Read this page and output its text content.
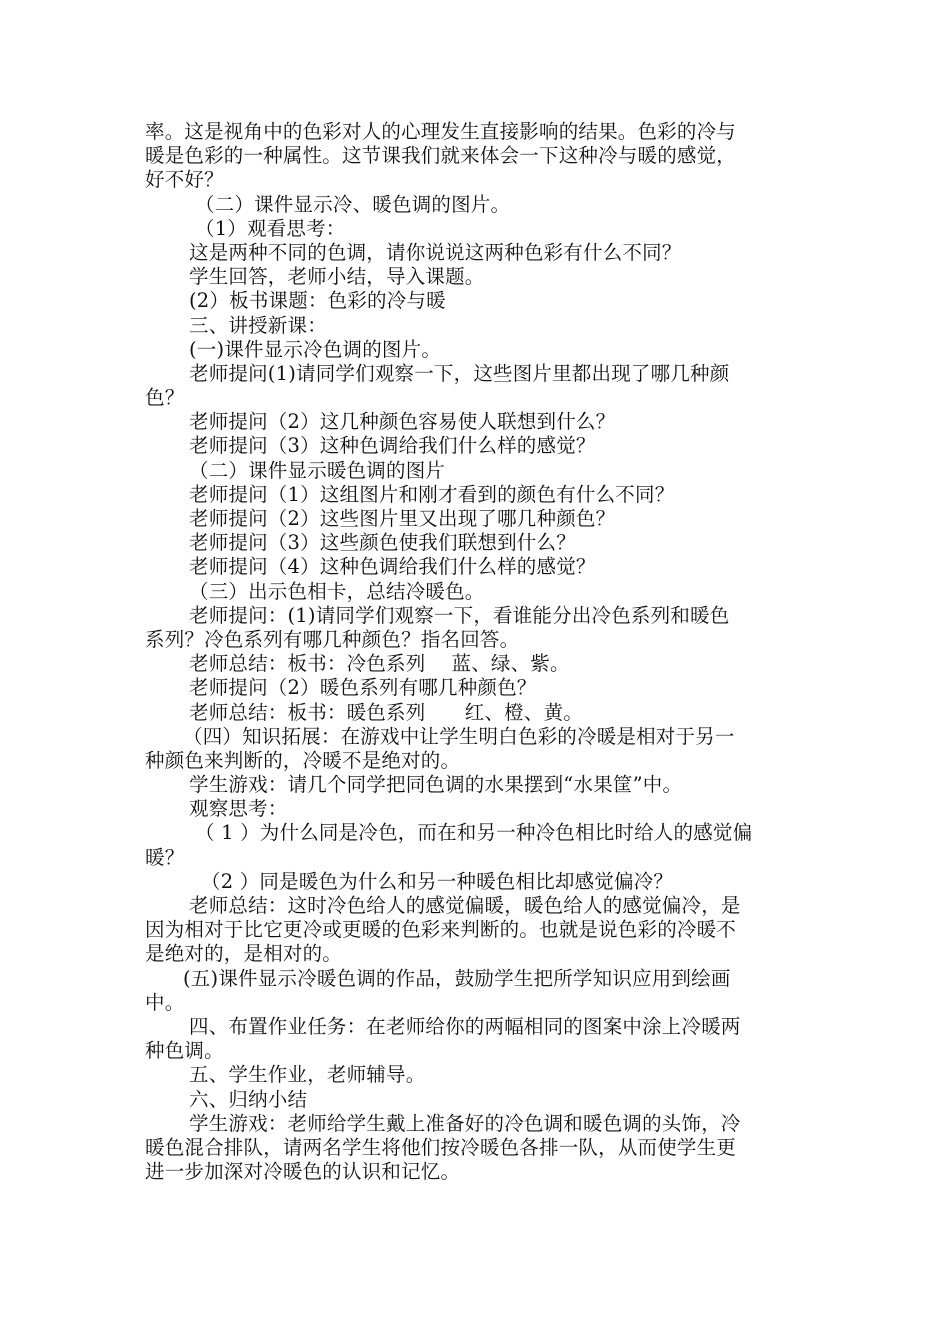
率。这是视角中的色彩对人的心理发生直接影响的结果。色彩的冷与
暖是色彩的一种属性。这节课我们就来体会一下这种冷与暖的感觉，
好不好？
（二）课件显示冷、暖色调的图片。
（1）观看思考：
这是两种不同的色调，请你说说这两种色彩有什么不同？
学生回答，老师小结，导入课题。
(2）板书课题：色彩的冷与暖
三、讲授新课：
(一)课件显示冷色调的图片。
老师提问(1)请同学们观察一下，这些图片里都出现了哪几种颜
色？
老师提问（2）这几种颜色容易使人联想到什么？
老师提问（3）这种色调给我们什么样的感觉？
（二）课件显示暖色调的图片
老师提问（1）这组图片和刚才看到的颜色有什么不同？
老师提问（2）这些图片里又出现了哪几种颜色？
老师提问（3）这些颜色使我们联想到什么？
老师提问（4）这种色调给我们什么样的感觉？
（三）出示色相卡，总结冷暖色。
老师提问：(1)请同学们观察一下，看谁能分出冷色系列和暖色
系列？冷色系列有哪几种颜色？指名回答。
老师总结：板书：冷色系列　 蓝、绿、紫。
老师提问（2）暖色系列有哪几种颜色？
老师总结：板书：暖色系列　　红、橙、黄。
（四）知识拓展：在游戏中让学生明白色彩的冷暖是相对于另一
种颜色来判断的，冷暖不是绝对的。
学生游戏：请几个同学把同色调的水果摆到“水果筐”中。
观察思考：
（ 1 ）为什么同是冷色，而在和另一种冷色相比时给人的感觉偏
暖？
（2 ）同是暖色为什么和另一种暖色相比却感觉偏冷？
老师总结：这时冷色给人的感觉偏暖，暖色给人的感觉偏冷，是
因为相对于比它更冷或更暖的色彩来判断的。也就是说色彩的冷暖不
是绝对的，是相对的。
(五)课件显示冷暖色调的作品，鼓励学生把所学知识应用到绘画
中。
四、布置作业任务：在老师给你的两幅相同的图案中涂上冷暖两
种色调。
五、学生作业，老师辅导。
六、归纳小结
学生游戏：老师给学生戴上准备好的冷色调和暖色调的头饰，冷
暖色混合排队，请两名学生将他们按冷暖色各排一队，从而使学生更
进一步加深对冷暖色的认识和记忆。
